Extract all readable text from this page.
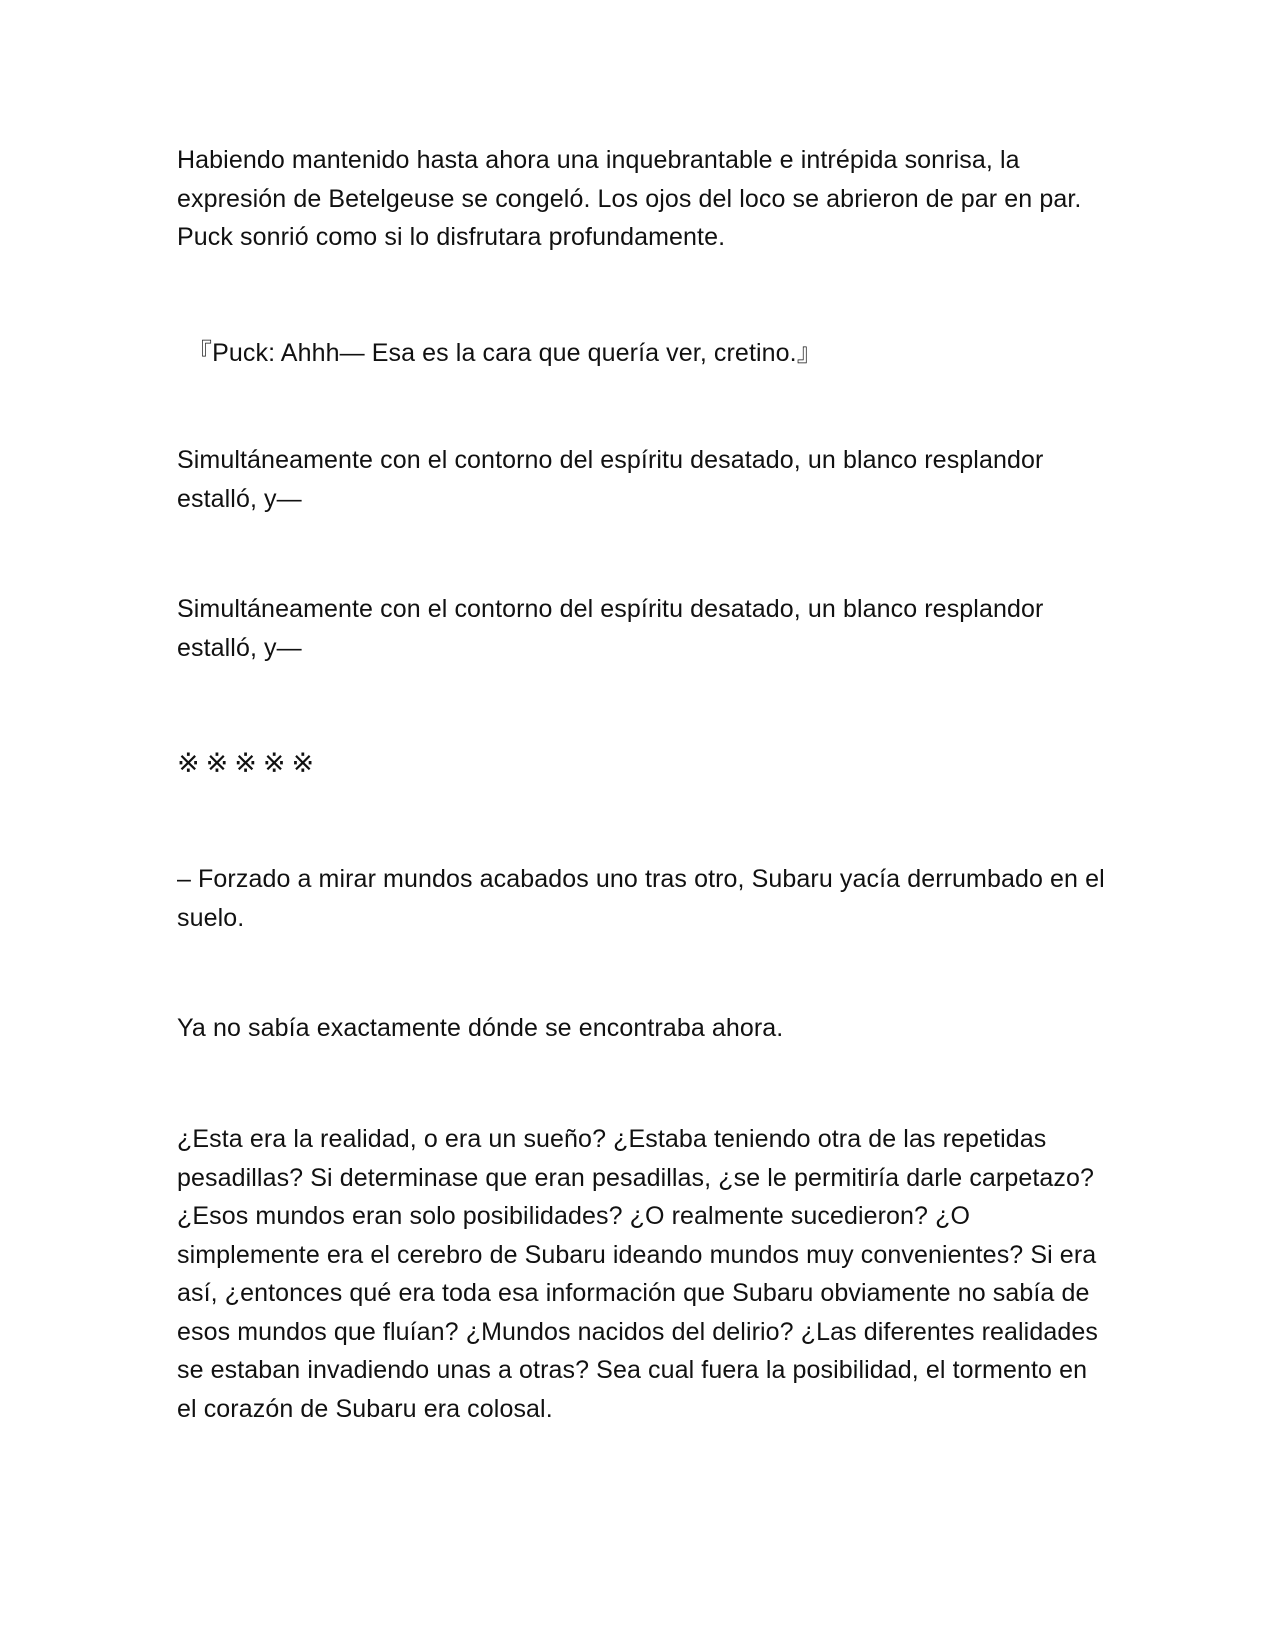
Habiendo mantenido hasta ahora una inquebrantable e intrépida sonrisa, la expresión de Betelgeuse se congeló. Los ojos del loco se abrieron de par en par. Puck sonrió como si lo disfrutara profundamente.

『Puck: Ahhh— Esa es la cara que quería ver, cretino.』

Simultáneamente con el contorno del espíritu desatado, un blanco resplandor estalló, y—

Simultáneamente con el contorno del espíritu desatado, un blanco resplandor estalló, y—

※※※※※

– Forzado a mirar mundos acabados uno tras otro, Subaru yacía derrumbado en el suelo.

Ya no sabía exactamente dónde se encontraba ahora.

¿Esta era la realidad, o era un sueño? ¿Estaba teniendo otra de las repetidas pesadillas? Si determinase que eran pesadillas, ¿se le permitiría darle carpetazo? ¿Esos mundos eran solo posibilidades? ¿O realmente sucedieron? ¿O simplemente era el cerebro de Subaru ideando mundos muy convenientes? Si era así, ¿entonces qué era toda esa información que Subaru obviamente no sabía de esos mundos que fluían? ¿Mundos nacidos del delirio? ¿Las diferentes realidades se estaban invadiendo unas a otras? Sea cual fuera la posibilidad, el tormento en el corazón de Subaru era colosal.
